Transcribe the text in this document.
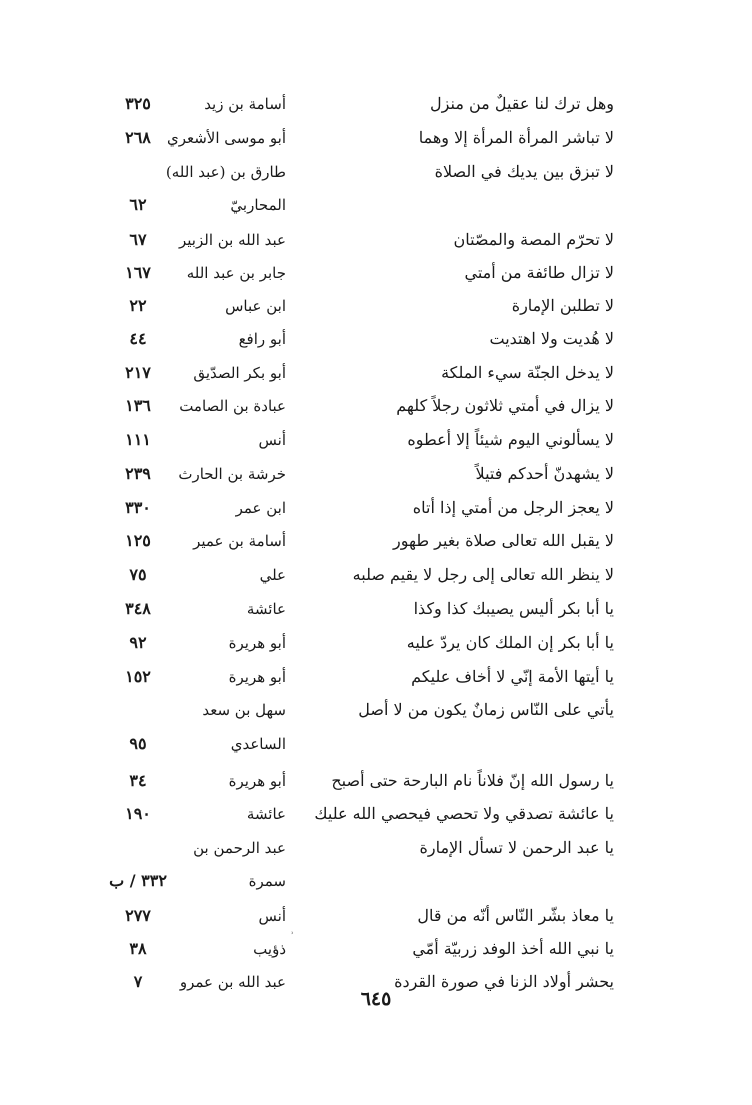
وهل ترك لنا عقيلٌ من منزل
أسامة بن زيد
٣٢٥
لا تباشر المرأة المرأة إلا وهما
أبو موسى الأشعري
٢٦٨
لا تبزق بين يديك في الصلاة
طارق بن (عبد الله)
المحاربيّ
٦٢
لا تحرّم المصة والمصّتان
عبد الله بن الزبير
٦٧
لا تزال طائفة من أمتي
جابر بن عبد الله
١٦٧
لا تطلبن الإمارة
ابن عباس
٢٢
لا هُديت ولا اهتديت
أبو رافع
٤٤
لا يدخل الجنّة سيء الملكة
أبو بكر الصدّيق
٢١٧
لا يزال في أمتي ثلاثون رجلاً كلهم
عبادة بن الصامت
١٣٦
لا يسألوني اليوم شيئاً إلا أعطوه
أنس
١١١
لا يشهدنّ أحدكم فتيلاً
خرشة بن الحارث
٢٣٩
لا يعجز الرجل من أمتي إذا أتاه
ابن عمر
٣٣٠
لا يقبل الله تعالى صلاة بغير طهور
أسامة بن عمير
١٢٥
لا ينظر الله تعالى إلى رجل لا يقيم صلبه
علي
٧٥
يا أبا بكر أليس يصيبك كذا وكذا
عائشة
٣٤٨
يا أبا بكر إن الملك كان يردّ عليه
أبو هريرة
٩٢
يا أيتها الأمة إنّي لا أخاف عليكم
أبو هريرة
١٥٢
يأتي على النّاس زمانٌ يكون من لا أصل
سهل بن سعد
الساعدي
٩٥
يا رسول الله إنّ فلاناً نام البارحة حتى أصبح
أبو هريرة
٣٤
يا عائشة تصدقي ولا تحصي فيحصي الله عليك
عائشة
١٩٠
يا عبد الرحمن لا تسأل الإمارة
عبد الرحمن بن
سمرة
٣٣٢ / ب
يا معاذ بشّر النّاس أنّه من قال
أنس
٢٧٧
يا نبي الله أخذ الوفد زربيّة أمّي
ذؤيب
٣٨
يحشر أولاد الزنا في صورة القردة
عبد الله بن عمرو
٧
ʾ
٦٤٥
